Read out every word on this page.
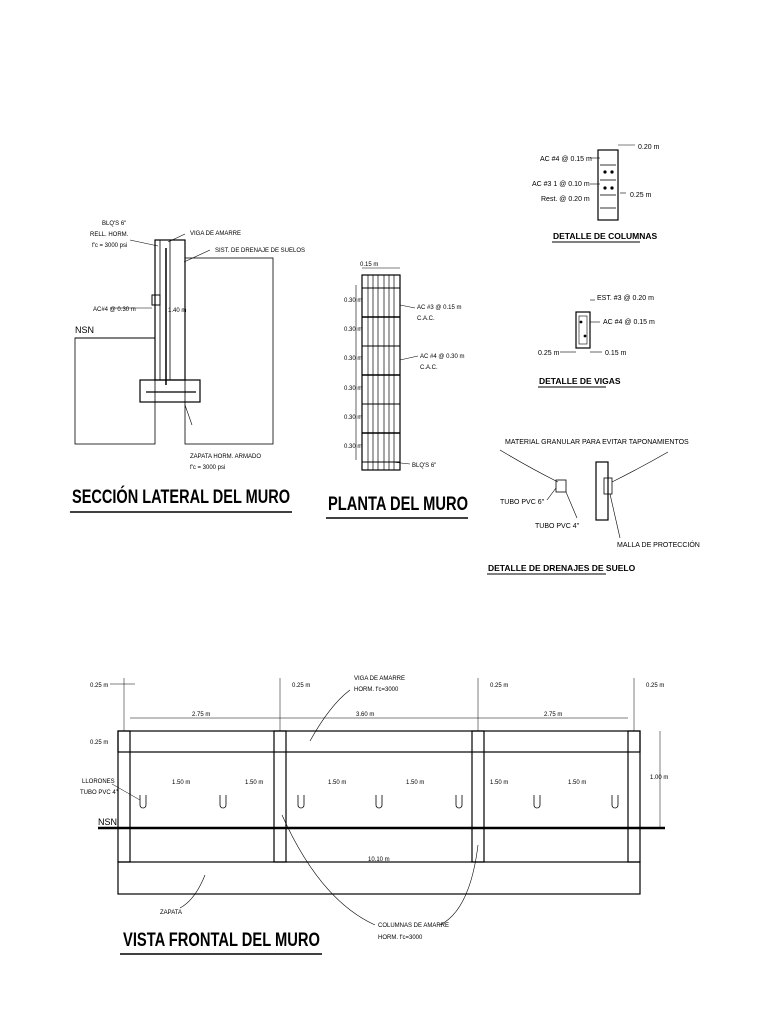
AC#4 @ 0.30 m
BLQ'S 6"
RELL. HORM.
f'c = 3000 psi
VIGA DE AMARRE
SIST. DE DRENAJE DE SUELOS
1.40 m
NSN
ZAPATA HORM. ARMADO
f'c = 3000 psi
SECCIÓN LATERAL DEL MURO
0.15 m
0.30 m
0.30 m
0.30 m
0.30 m
0.30 m
0.30 m
AC #3 @ 0.15 m
C.A.C.
AC #4 @ 0.30 m
C.A.C.
BLQ'S 6"
PLANTA DEL MURO
0.20 m
0.25 m
AC #4 @ 0.15 m
AC #3 1 @ 0.10 m
Rest. @ 0.20 m
DETALLE DE COLUMNAS
EST. #3 @ 0.20 m
AC #4 @ 0.15 m
0.25 m	0.15 m
DETALLE DE VIGAS
MATERIAL GRANULAR PARA EVITAR TAPONAMIENTOS
TUBO PVC 6"
TUBO PVC 4"
MALLA DE PROTECCIÓN
DETALLE DE DRENAJES DE SUELO
NSN
0.25 m	0.25 m	0.25 m	0.25 m
2.75 m	3.60 m	2.75 m
VIGA DE AMARRE
HORM. f'c=3000
0.25 m
1.00 m
LLORONES
TUBO PVC 4"
1.50 m	1.50 m	1.50 m	1.50 m	1.50 m	1.50 m
10.10 m
ZAPATA
COLUMNAS DE AMARRE
HORM. f'c=3000
VISTA FRONTAL DEL MURO
